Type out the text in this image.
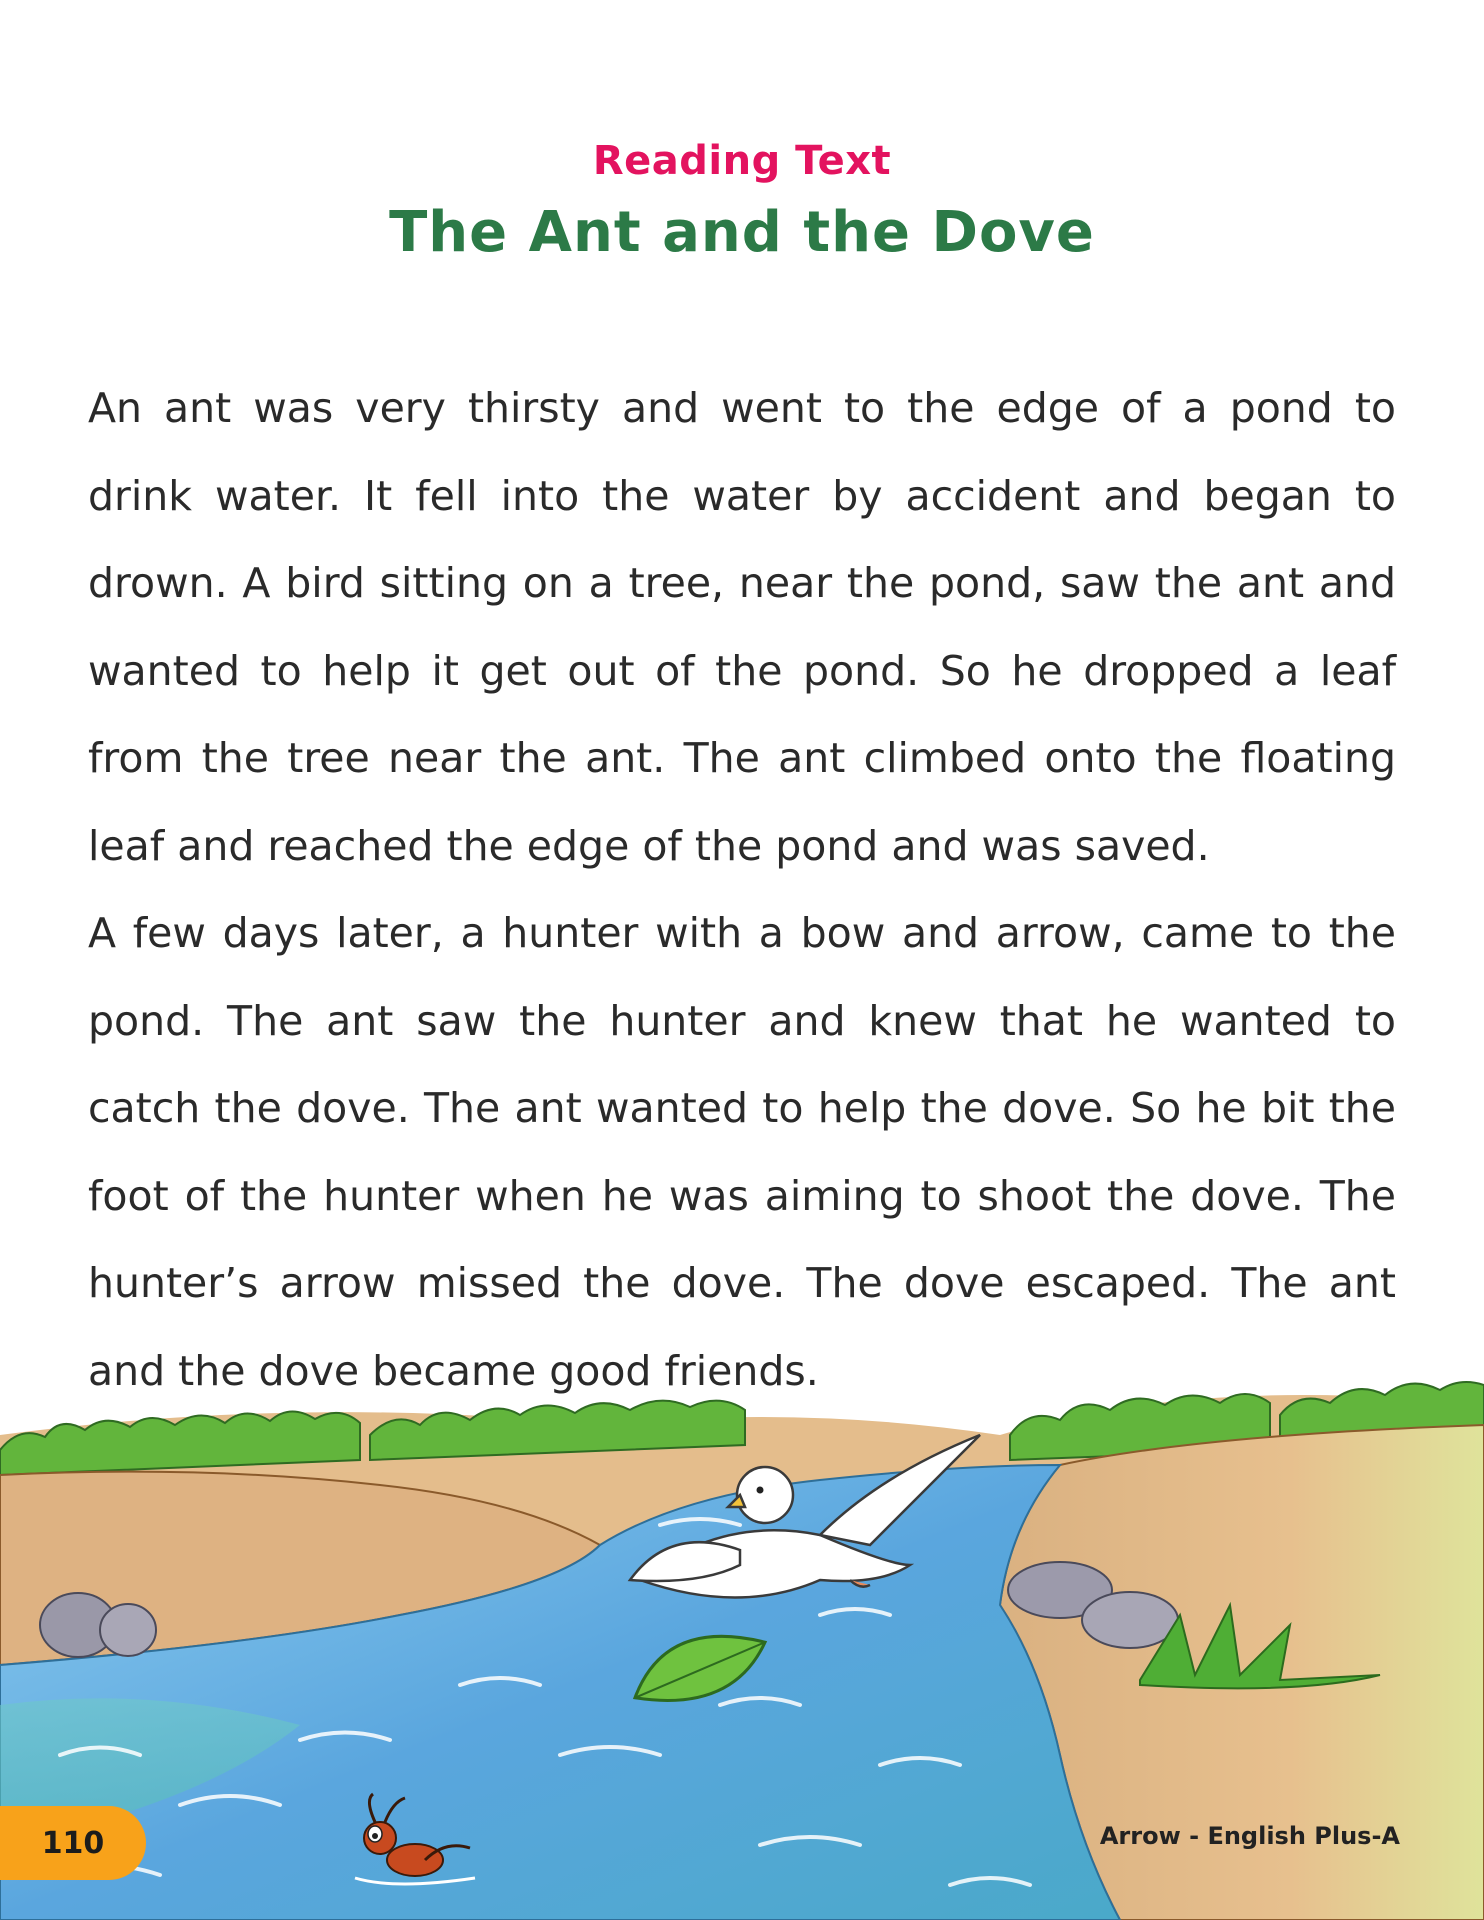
Reading Text
The Ant and the Dove

An ant was very thirsty and went to the edge of a pond to drink water. It fell into the water by accident and began to drown. A bird sitting on a tree, near the pond, saw the ant and wanted to help it get out of the pond. So he dropped a leaf from the tree near the ant. The ant climbed onto the floating leaf and reached the edge of the pond and was saved.

A few days later, a hunter with a bow and arrow, came to the pond. The ant saw the hunter and knew that he wanted to catch the dove. The ant wanted to help the dove. So he bit the foot of the hunter when he was aiming to shoot the dove. The hunter’s arrow missed the dove. The dove escaped. The ant and the dove became good friends.

110	Arrow - English Plus-A
